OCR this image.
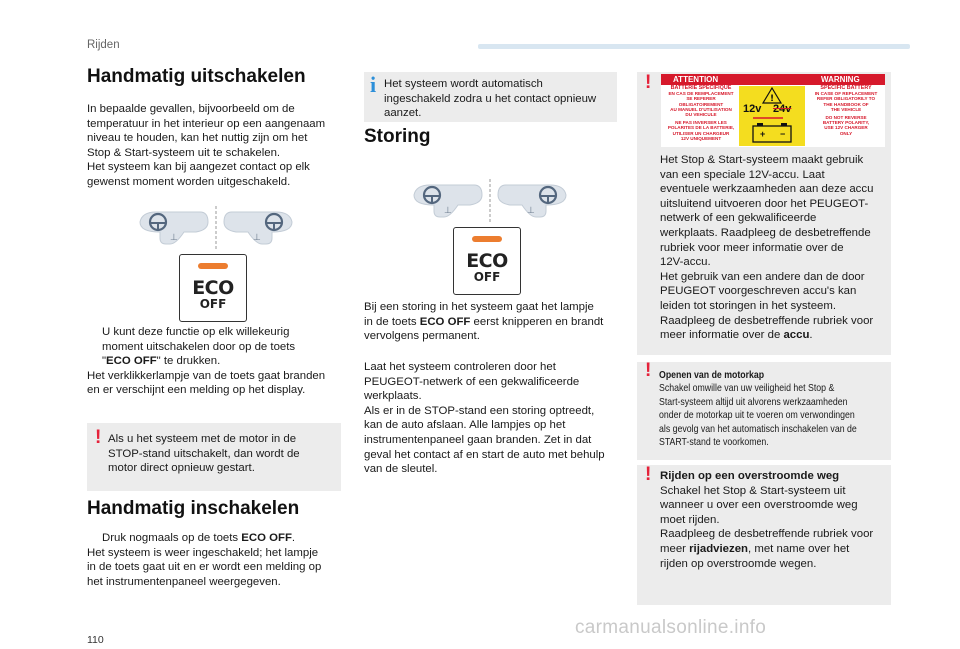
Rijden
Handmatig uitschakelen

In bepaalde gevallen, bijvoorbeeld om de

temperatuur in het interieur op een aangenaam

niveau te houden, kan het nuttig zijn om het

Stop & Start-systeem uit te schakelen.

Het systeem kan bij aangezet contact op elk

gewenst moment worden uitgeschakeld.

⊥	⊥
ECO
OFF

U kunt deze functie op elk willekeurig

moment uitschakelen door op de toets

"ECO OFF" te drukken.

Het verklikkerlampje van de toets gaat branden

en er verschijnt een melding op het display.

! Als u het systeem met de motor in de

STOP-stand uitschakelt, dan wordt de

motor direct opnieuw gestart.

Handmatig inschakelen

Druk nogmaals op de toets ECO OFF.

Het systeem is weer ingeschakeld; het lampje

in de toets gaat uit en er wordt een melding op

het instrumentenpaneel weergegeven.

i Het systeem wordt automatisch

ingeschakeld zodra u het contact opnieuw

aanzet.

Storing
⊥	⊥
ECO
OFF

Bij een storing in het systeem gaat het lampje

in de toets ECO OFF eerst knipperen en brandt

vervolgens permanent.

Laat het systeem controleren door het

PEUGEOT-netwerk of een gekwalificeerde

werkplaats.

Als er in de STOP-stand een storing optreedt,

kan de auto afslaan. Alle lampjes op het

instrumentenpaneel gaan branden. Zet in dat

geval het contact af en start de auto met behulp

van de sleutel.

!	ATTENTION	WARNING
BATTERIE SPECIFIQUE
EN CAS DE REMPLACEMENT
SE REFERER OBLIGATOIREMENT
AU MANUEL D'UTILISATION
DU VEHICULE
NE PAS INVERSER LES
POLARITES DE LA BATTERIE,
UTILISER UN CHARGEUR
12V UNIQUEMENT
!
12v 24v
+ −
SPECIFIC BATTERY
IN CASE OF REPLACEMENT
REFER OBLIGATORILY TO
THE HANDBOOK OF
THE VEHICLE
DO NOT REVERSE
BATTERY POLARITY,
USE 12V CHARGER
ONLY

Het Stop & Start-systeem maakt gebruik

van een speciale 12V-accu. Laat

eventuele werkzaamheden aan deze accu

uitsluitend uitvoeren door het PEUGEOT-

netwerk of een gekwalificeerde

werkplaats. Raadpleeg de desbetreffende

rubriek voor meer informatie over de

12V-accu.

Het gebruik van een andere dan de door

PEUGEOT voorgeschreven accu's kan

leiden tot storingen in het systeem.

Raadpleeg de desbetreffende rubriek voor

meer informatie over de accu.

! Openen van de motorkap

Schakel omwille van uw veiligheid het Stop &

Start-systeem altijd uit alvorens werkzaamheden

onder de motorkap uit te voeren om verwondingen

als gevolg van het automatisch inschakelen van de

START-stand te voorkomen.

! Rijden op een overstroomde weg

Schakel het Stop & Start-systeem uit

wanneer u over een overstroomde weg

moet rijden.

Raadpleeg de desbetreffende rubriek voor

meer rijadviezen, met name over het

rijden op overstroomde wegen.

110
carmanualsonline.info
